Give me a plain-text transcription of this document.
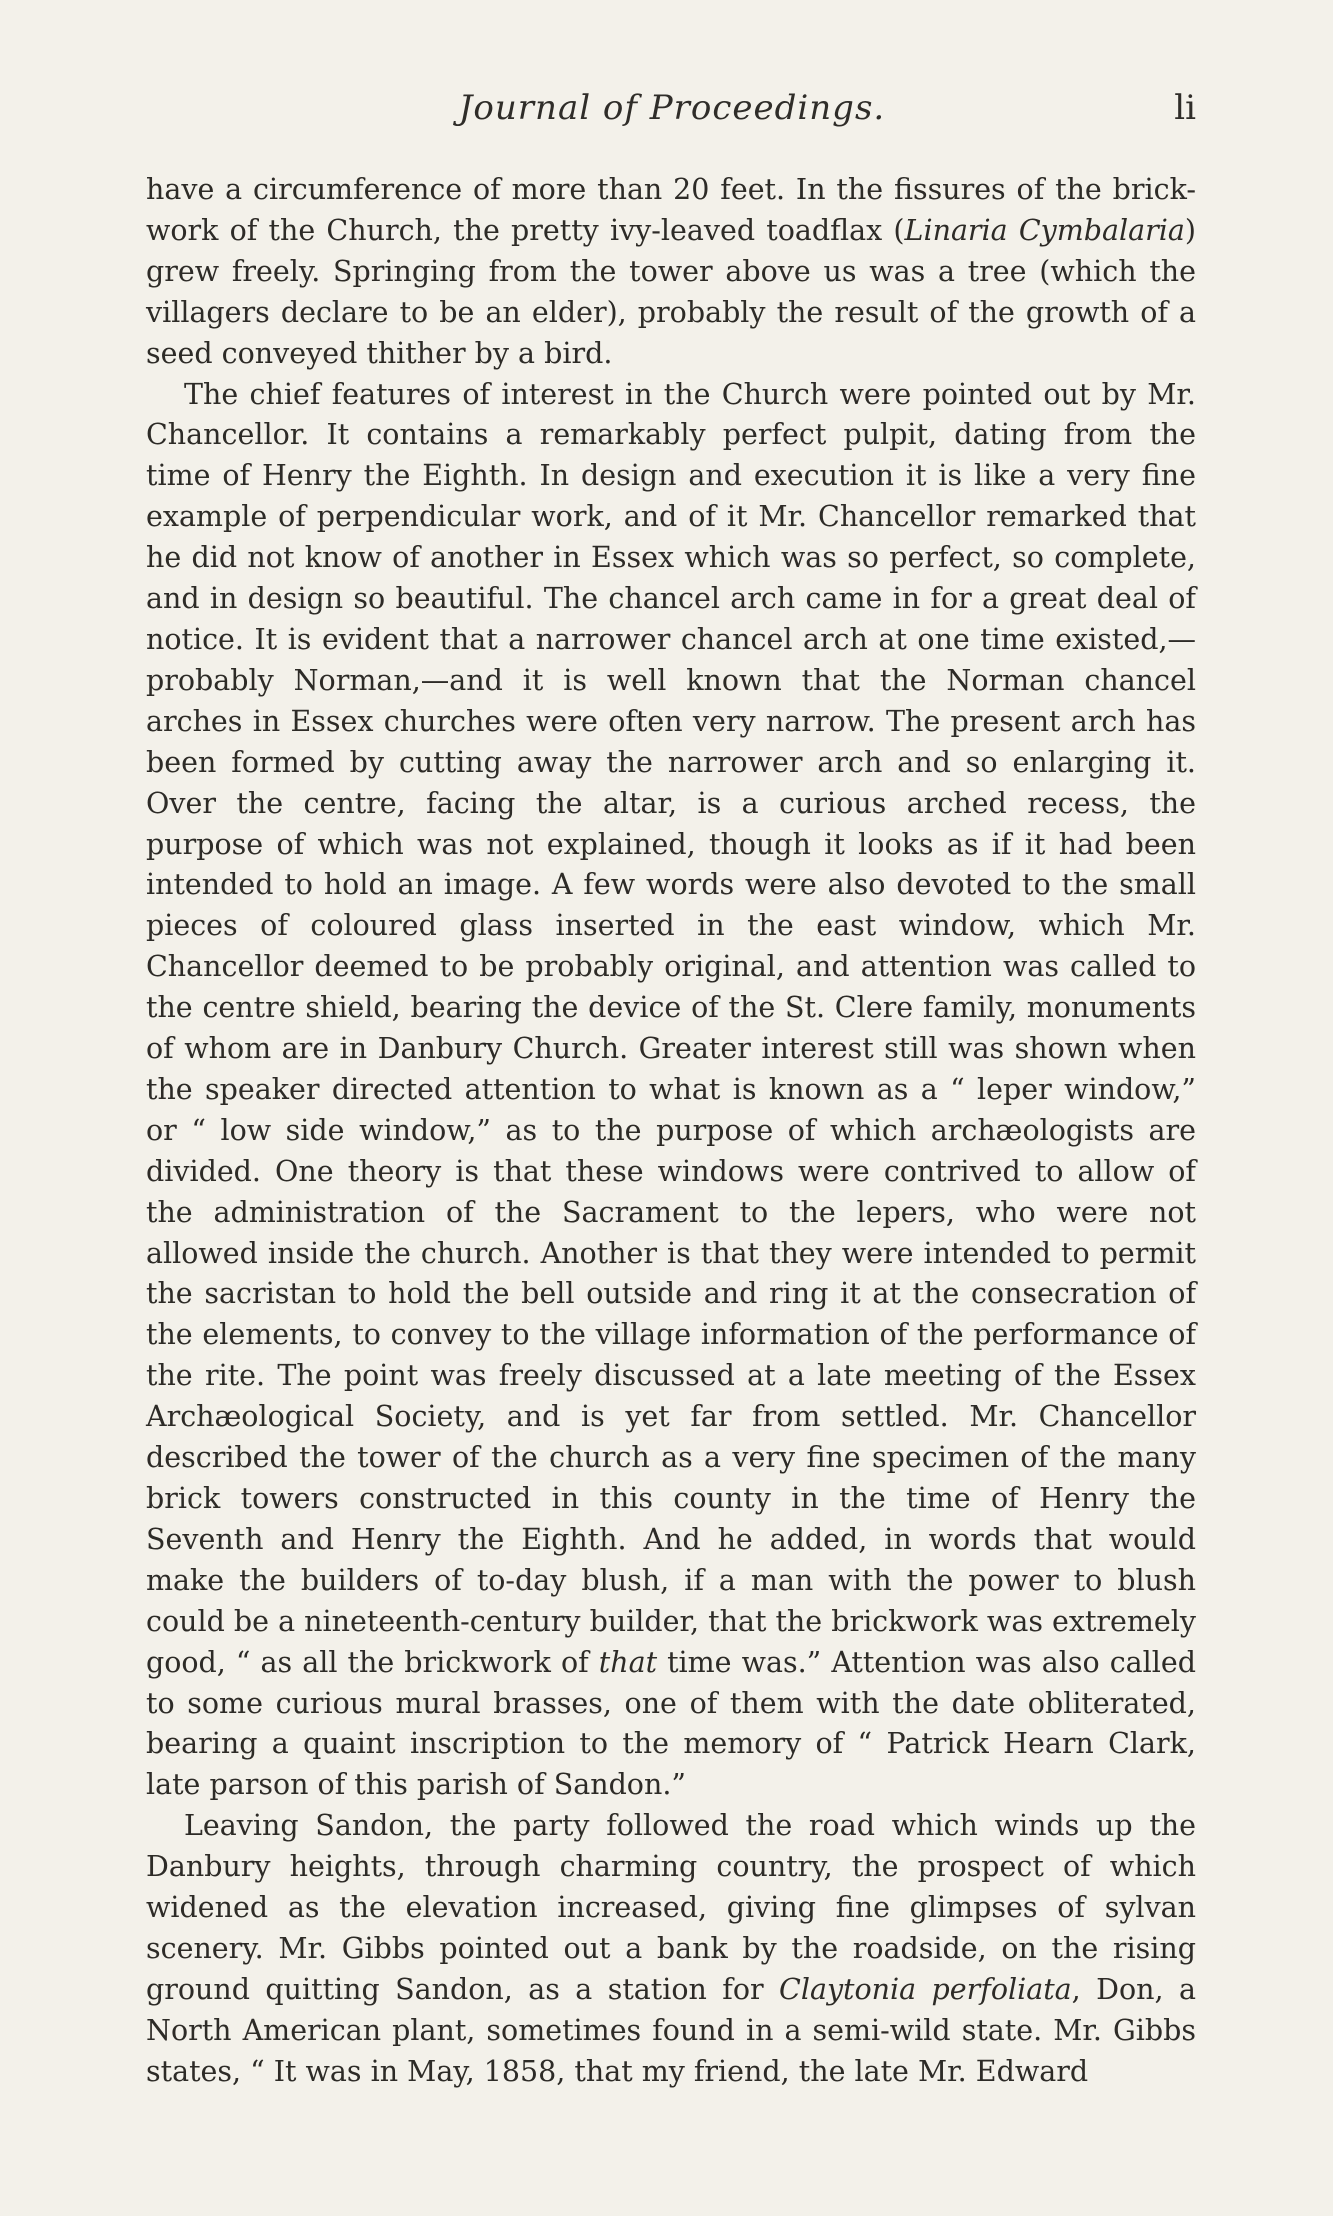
Journal of Proceedings.	li

have a circumference of more than 20 feet. In the fissures of the brick-work of the Church, the pretty ivy-leaved toadflax (Linaria Cymbalaria) grew freely. Springing from the tower above us was a tree (which the villagers declare to be an elder), probably the result of the growth of a seed conveyed thither by a bird.

The chief features of interest in the Church were pointed out by Mr. Chancellor. It contains a remarkably perfect pulpit, dating from the time of Henry the Eighth. In design and execution it is like a very fine example of perpendicular work, and of it Mr. Chancellor remarked that he did not know of another in Essex which was so perfect, so complete, and in design so beautiful. The chancel arch came in for a great deal of notice. It is evident that a narrower chancel arch at one time existed,—probably Norman,—and it is well known that the Norman chancel arches in Essex churches were often very narrow. The present arch has been formed by cutting away the narrower arch and so enlarging it. Over the centre, facing the altar, is a curious arched recess, the purpose of which was not explained, though it looks as if it had been intended to hold an image. A few words were also devoted to the small pieces of coloured glass inserted in the east window, which Mr. Chancellor deemed to be probably original, and attention was called to the centre shield, bearing the device of the St. Clere family, monuments of whom are in Danbury Church. Greater interest still was shown when the speaker directed attention to what is known as a “ leper window,” or “ low side window,” as to the purpose of which archæologists are divided. One theory is that these windows were contrived to allow of the administration of the Sacrament to the lepers, who were not allowed inside the church. Another is that they were intended to permit the sacristan to hold the bell outside and ring it at the consecration of the elements, to convey to the village information of the performance of the rite. The point was freely discussed at a late meeting of the Essex Archæological Society, and is yet far from settled. Mr. Chancellor described the tower of the church as a very fine specimen of the many brick towers constructed in this county in the time of Henry the Seventh and Henry the Eighth. And he added, in words that would make the builders of to-day blush, if a man with the power to blush could be a nineteenth-century builder, that the brickwork was extremely good, “ as all the brickwork of that time was.” Attention was also called to some curious mural brasses, one of them with the date obliterated, bearing a quaint inscription to the memory of “ Patrick Hearn Clark, late parson of this parish of Sandon.”

Leaving Sandon, the party followed the road which winds up the Danbury heights, through charming country, the prospect of which widened as the elevation increased, giving fine glimpses of sylvan scenery. Mr. Gibbs pointed out a bank by the roadside, on the rising ground quitting Sandon, as a station for Claytonia perfoliata, Don, a North American plant, sometimes found in a semi-wild state. Mr. Gibbs states, “ It was in May, 1858, that my friend, the late Mr. Edward
